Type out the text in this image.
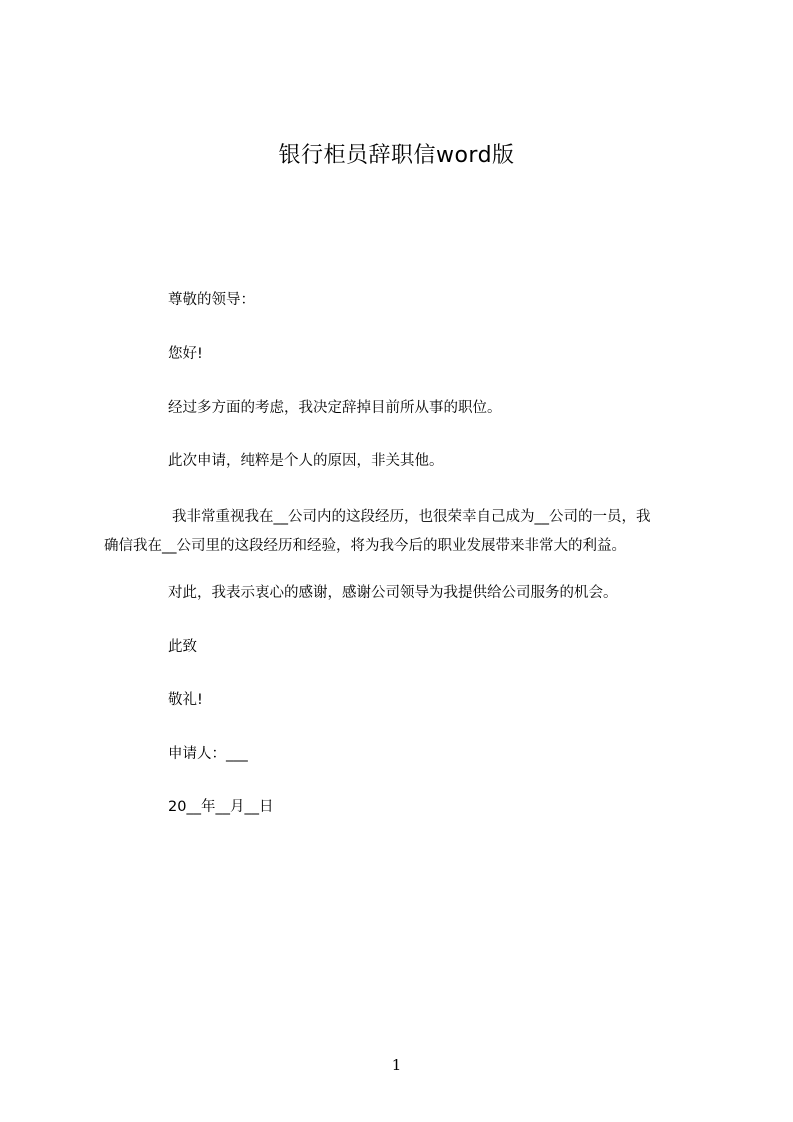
银行柜员辞职信word版
尊敬的领导：
您好!
经过多方面的考虑，我决定辞掉目前所从事的职位。
此次申请，纯粹是个人的原因，非关其他。
我非常重视我在__公司内的这段经历，也很荣幸自己成为__公司的一员，我
确信我在__公司里的这段经历和经验，将为我今后的职业发展带来非常大的利益。
对此，我表示衷心的感谢，感谢公司领导为我提供给公司服务的机会。
此致
敬礼!
申请人：___
20__年__月__日
1
